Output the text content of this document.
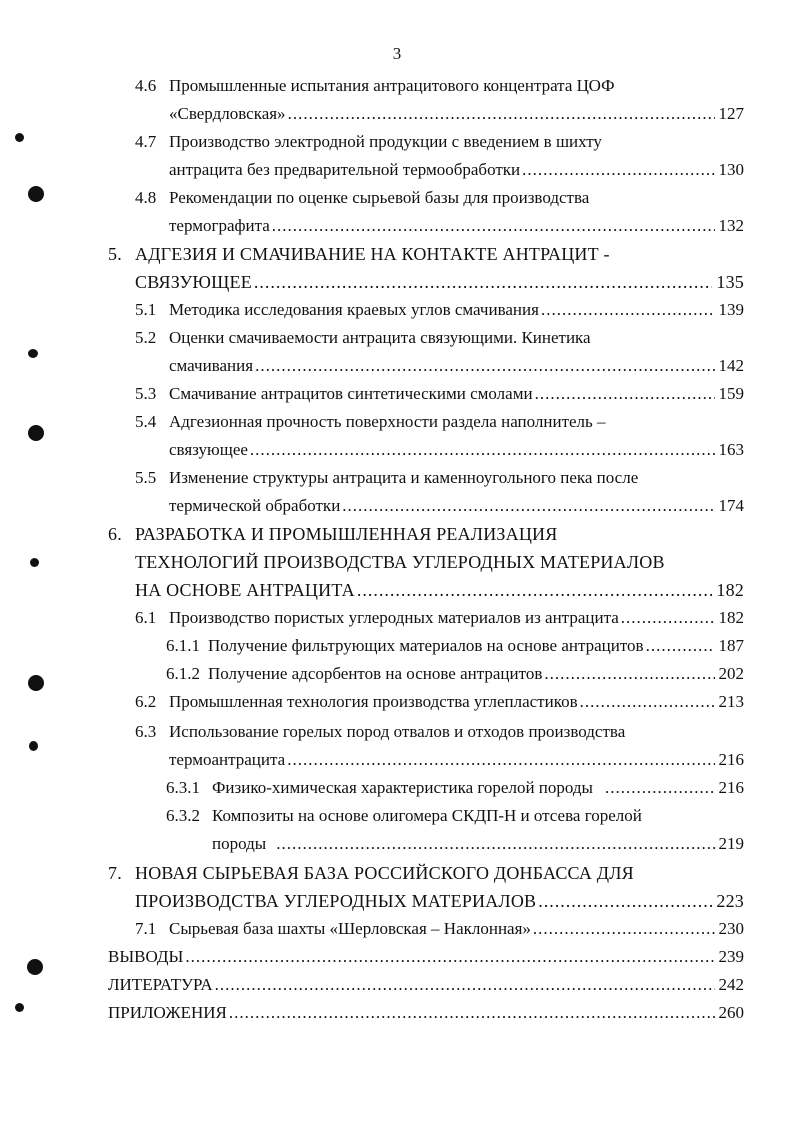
3
4.6 Промышленные испытания антрацитового концентрата ЦОФ
«Свердловская» .....	127
4.7 Производство электродной продукции с введением в шихту
антрацита без предварительной термообработки .....	130
4.8 Рекомендации по оценке сырьевой базы для производства
термографита .....	132
5. АДГЕЗИЯ И СМАЧИВАНИЕ НА КОНТАКТЕ АНТРАЦИТ -
СВЯЗУЮЩЕЕ .....	135
5.1 Методика исследования краевых углов смачивания .....	139
5.2 Оценки смачиваемости антрацита связующими. Кинетика
смачивания .....	142
5.3 Смачивание антрацитов синтетическими смолами .....	159
5.4 Адгезионная прочность поверхности раздела наполнитель –
связующее .....	163
5.5 Изменение структуры антрацита и каменноугольного пека после
термической обработки .....	174
6. РАЗРАБОТКА И ПРОМЫШЛЕННАЯ РЕАЛИЗАЦИЯ
ТЕХНОЛОГИЙ ПРОИЗВОДСТВА УГЛЕРОДНЫХ МАТЕРИАЛОВ
НА ОСНОВЕ АНТРАЦИТА .....	182
6.1 Производство пористых углеродных материалов из антрацита .....	182
6.1.1 Получение фильтрующих материалов на основе антрацитов .....	187
6.1.2 Получение адсорбентов на основе антрацитов .....	202
6.2 Промышленная технология производства углепластиков .....	213
6.3 Использование горелых пород отвалов и отходов производства
термоантрацита .....	216
6.3.1 Физико-химическая характеристика горелой породы .....	216
6.3.2 Композиты на основе олигомера СКДП-Н и отсева горелой
породы .....	219
7. НОВАЯ СЫРЬЕВАЯ БАЗА РОССИЙСКОГО ДОНБАССА ДЛЯ
ПРОИЗВОДСТВА УГЛЕРОДНЫХ МАТЕРИАЛОВ .....	223
7.1 Сырьевая база шахты «Шерловская – Наклонная» .....	230
ВЫВОДЫ .....	239
ЛИТЕРАТУРА .....	242
ПРИЛОЖЕНИЯ .....	260
